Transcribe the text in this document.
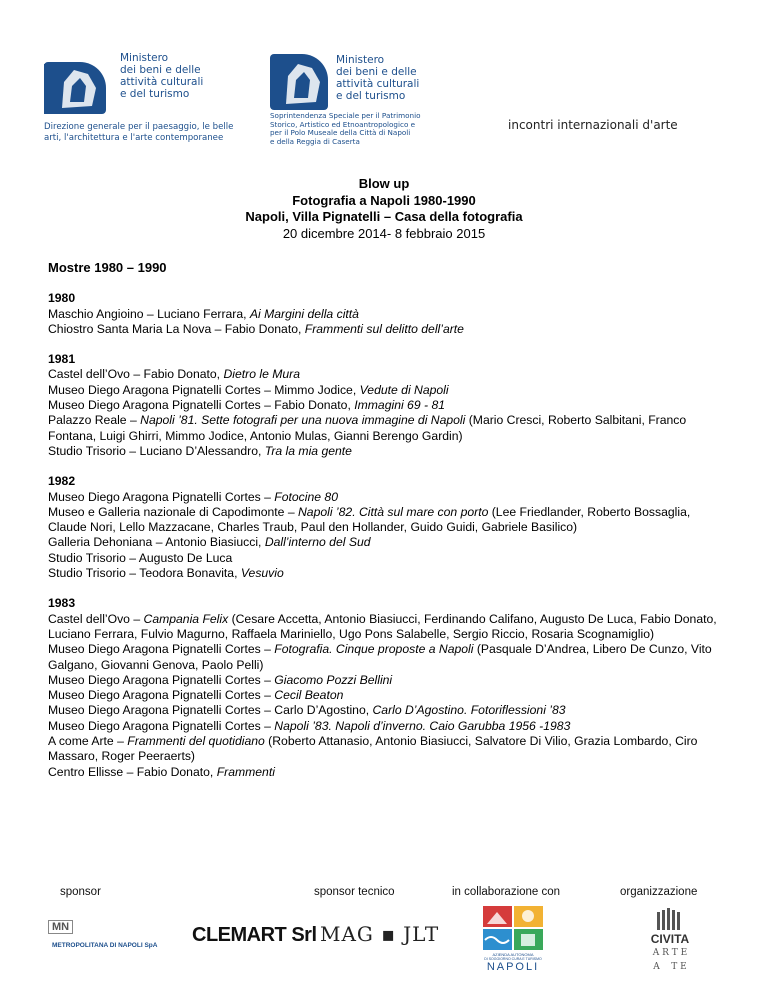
Ministero
dei beni e delle
attività culturali
e del turismo
Direzione generale per il paesaggio, le belle
arti, l'architettura e l'arte contemporanee
Ministero
dei beni e delle
attività culturali
e del turismo
Soprintendenza Speciale per il Patrimonio
Storico, Artistico ed Etnoantropologico e
per il Polo Museale della Città di Napoli
e della Reggia di Caserta
incontri internazionali d'arte
Blow up
Fotografia a Napoli 1980-1990
Napoli, Villa Pignatelli – Casa della fotografia
20 dicembre 2014- 8 febbraio 2015

Mostre 1980 – 1990

1980

Maschio Angioino – Luciano Ferrara, Ai Margini della città

Chiostro Santa Maria La Nova – Fabio Donato, Frammenti sul delitto dell’arte

1981

Castel dell’Ovo – Fabio Donato, Dietro le Mura

Museo Diego Aragona Pignatelli Cortes – Mimmo Jodice, Vedute di Napoli

Museo Diego Aragona Pignatelli Cortes – Fabio Donato, Immagini 69 - 81

Palazzo Reale – Napoli ’81. Sette fotografi per una nuova immagine di Napoli (Mario Cresci, Roberto Salbitani, Franco Fontana, Luigi Ghirri, Mimmo Jodice, Antonio Mulas, Gianni Berengo Gardin)

Studio Trisorio – Luciano D’Alessandro, Tra la mia gente

1982

Museo Diego Aragona Pignatelli Cortes – Fotocine 80

Museo e Galleria nazionale di Capodimonte – Napoli ’82. Città sul mare con porto (Lee Friedlander, Roberto Bossaglia, Claude Nori, Lello Mazzacane, Charles Traub, Paul den Hollander, Guido Guidi, Gabriele Basilico)

Galleria Dehoniana – Antonio Biasiucci, Dall’interno del Sud

Studio Trisorio – Augusto De Luca

Studio Trisorio – Teodora Bonavita, Vesuvio

1983

Castel dell’Ovo – Campania Felix (Cesare Accetta, Antonio Biasiucci, Ferdinando Califano, Augusto De Luca, Fabio Donato, Luciano Ferrara, Fulvio Magurno, Raffaela Mariniello, Ugo Pons Salabelle, Sergio Riccio, Rosaria Scognamiglio)

Museo Diego Aragona Pignatelli Cortes – Fotografia. Cinque proposte a Napoli (Pasquale D’Andrea, Libero De Cunzo, Vito Galgano, Giovanni Genova, Paolo Pelli)

Museo Diego Aragona Pignatelli Cortes – Giacomo Pozzi Bellini

Museo Diego Aragona Pignatelli Cortes – Cecil Beaton

Museo Diego Aragona Pignatelli Cortes – Carlo D’Agostino, Carlo D’Agostino. Fotoriflessioni ’83

Museo Diego Aragona Pignatelli Cortes – Napoli ’83. Napoli d’inverno. Caio Garubba 1956 -1983

A come Arte – Frammenti del quotidiano (Roberto Attanasio, Antonio Biasiucci, Salvatore Di Vilio, Grazia Lombardo, Ciro Massaro, Roger Peeraerts)

Centro Ellisse – Fabio Donato, Frammenti

sponsor	sponsor tecnico	in collaborazione con	organizzazione
MN
METROPOLITANA DI NAPOLI SpA CLEMART Srl MAG ▪ JLT
AZIENDA AUTONOMA
DI SOGGIORNO CURA E TURISMO
NAPOLI
CIVITA
A R T E
A    T E
